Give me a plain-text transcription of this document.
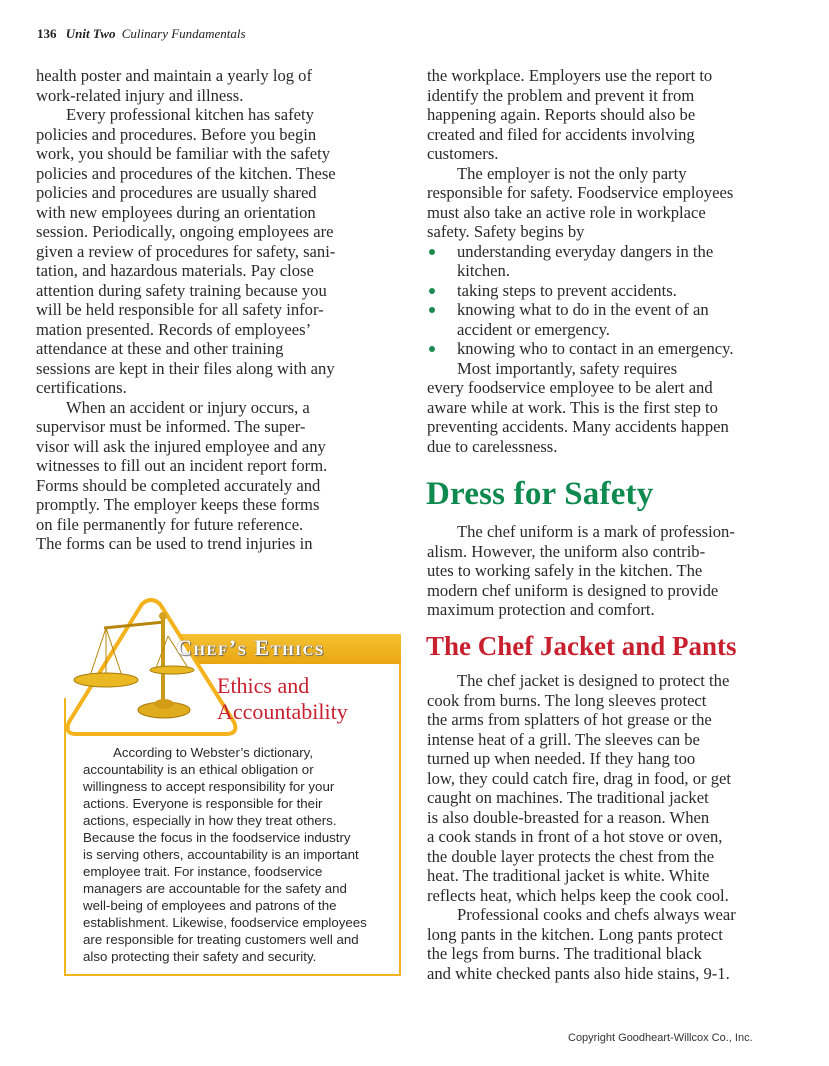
136 Unit Two Culinary Fundamentals
health poster and maintain a yearly log of
work-related injury and illness.
Every professional kitchen has safety
policies and procedures. Before you begin
work, you should be familiar with the safety
policies and procedures of the kitchen. These
policies and procedures are usually shared
with new employees during an orientation
session. Periodically, ongoing employees are
given a review of procedures for safety, sani-
tation, and hazardous materials. Pay close
attention during safety training because you
will be held responsible for all safety infor-
mation presented. Records of employees’
attendance at these and other training
sessions are kept in their files along with any
certifications.
When an accident or injury occurs, a
supervisor must be informed. The super-
visor will ask the injured employee and any
witnesses to fill out an incident report form.
Forms should be completed accurately and
promptly. The employer keeps these forms
on file permanently for future reference.
The forms can be used to trend injuries in
the workplace. Employers use the report to
identify the problem and prevent it from
happening again. Reports should also be
created and filed for accidents involving
customers.
The employer is not the only party
responsible for safety. Foodservice employees
must also take an active role in workplace
safety. Safety begins by
understanding everyday dangers in the
kitchen.
taking steps to prevent accidents.
knowing what to do in the event of an
accident or emergency.
knowing who to contact in an emergency.
Most importantly, safety requires
every foodservice employee to be alert and
aware while at work. This is the first step to
preventing accidents. Many accidents happen
due to carelessness.
Dress for Safety
The chef uniform is a mark of profession-
alism. However, the uniform also contrib-
utes to working safely in the kitchen. The
modern chef uniform is designed to provide
maximum protection and comfort.
The Chef Jacket and Pants
The chef jacket is designed to protect the
cook from burns. The long sleeves protect
the arms from splatters of hot grease or the
intense heat of a grill. The sleeves can be
turned up when needed. If they hang too
low, they could catch fire, drag in food, or get
caught on machines. The traditional jacket
is also double-breasted for a reason. When
a cook stands in front of a hot stove or oven,
the double layer protects the chest from the
heat. The traditional jacket is white. White
reflects heat, which helps keep the cook cool.
Professional cooks and chefs always wear
long pants in the kitchen. Long pants protect
the legs from burns. The traditional black
and white checked pants also hide stains, 9-1.
Chef’s Ethics
Ethics and
Accountability
According to Webster’s dictionary,
accountability is an ethical obligation or
willingness to accept responsibility for your
actions. Everyone is responsible for their
actions, especially in how they treat others.
Because the focus in the foodservice industry
is serving others, accountability is an important
employee trait. For instance, foodservice
managers are accountable for the safety and
well-being of employees and patrons of the
establishment. Likewise, foodservice employees
are responsible for treating customers well and
also protecting their safety and security.
Copyright Goodheart-Willcox Co., Inc.
